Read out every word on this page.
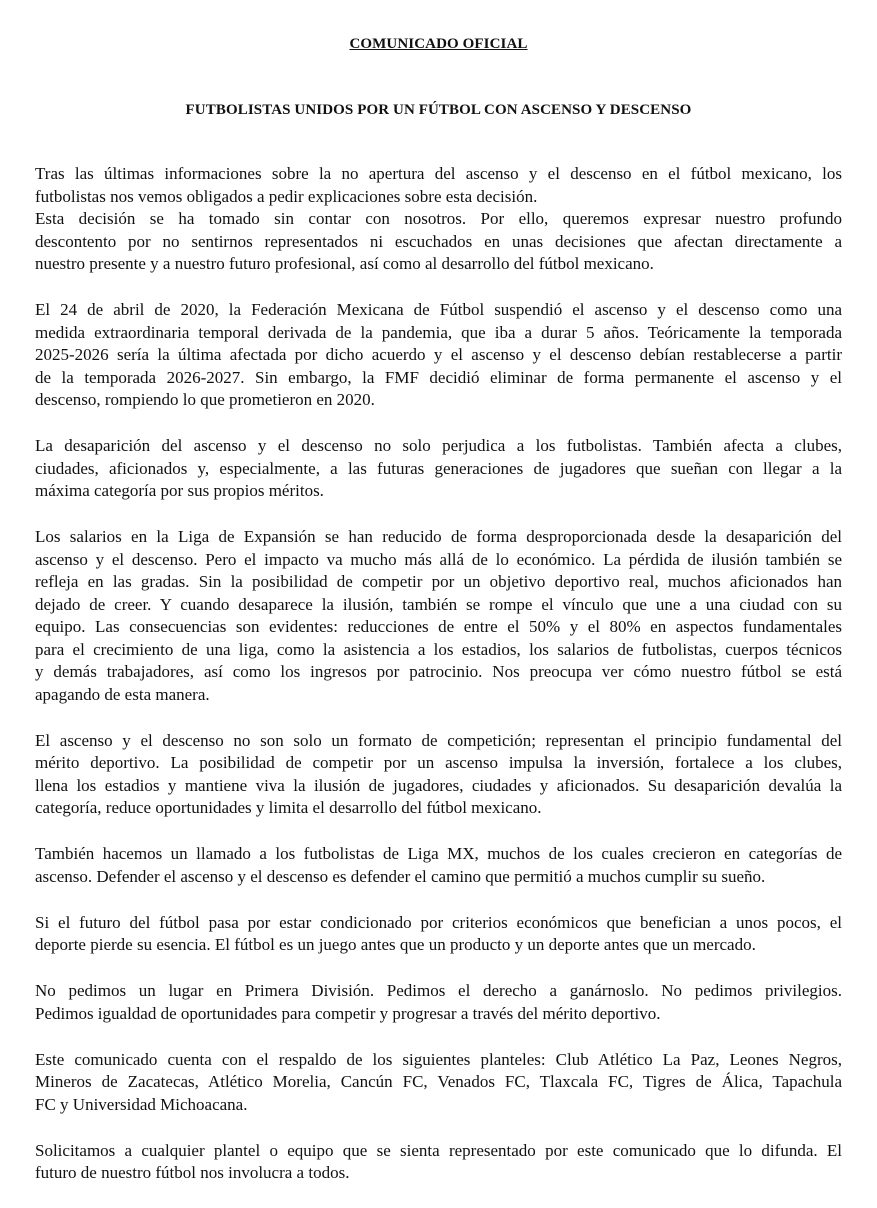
COMUNICADO OFICIAL
FUTBOLISTAS UNIDOS POR UN FÚTBOL CON ASCENSO Y DESCENSO
Tras las últimas informaciones sobre la no apertura del ascenso y el descenso en el fútbol mexicano, los
futbolistas nos vemos obligados a pedir explicaciones sobre esta decisión.
Esta decisión se ha tomado sin contar con nosotros. Por ello, queremos expresar nuestro profundo
descontento por no sentirnos representados ni escuchados en unas decisiones que afectan directamente a
nuestro presente y a nuestro futuro profesional, así como al desarrollo del fútbol mexicano.
El 24 de abril de 2020, la Federación Mexicana de Fútbol suspendió el ascenso y el descenso como una
medida extraordinaria temporal derivada de la pandemia, que iba a durar 5 años. Teóricamente la temporada
2025-2026 sería la última afectada por dicho acuerdo y el ascenso y el descenso debían restablecerse a partir
de la temporada 2026-2027. Sin embargo, la FMF decidió eliminar de forma permanente el ascenso y el
descenso, rompiendo lo que prometieron en 2020.
La desaparición del ascenso y el descenso no solo perjudica a los futbolistas. También afecta a clubes,
ciudades, aficionados y, especialmente, a las futuras generaciones de jugadores que sueñan con llegar a la
máxima categoría por sus propios méritos.
Los salarios en la Liga de Expansión se han reducido de forma desproporcionada desde la desaparición del
ascenso y el descenso. Pero el impacto va mucho más allá de lo económico. La pérdida de ilusión también se
refleja en las gradas. Sin la posibilidad de competir por un objetivo deportivo real, muchos aficionados han
dejado de creer. Y cuando desaparece la ilusión, también se rompe el vínculo que une a una ciudad con su
equipo. Las consecuencias son evidentes: reducciones de entre el 50% y el 80% en aspectos fundamentales
para el crecimiento de una liga, como la asistencia a los estadios, los salarios de futbolistas, cuerpos técnicos
y demás trabajadores, así como los ingresos por patrocinio. Nos preocupa ver cómo nuestro fútbol se está
apagando de esta manera.
El ascenso y el descenso no son solo un formato de competición; representan el principio fundamental del
mérito deportivo. La posibilidad de competir por un ascenso impulsa la inversión, fortalece a los clubes,
llena los estadios y mantiene viva la ilusión de jugadores, ciudades y aficionados. Su desaparición devalúa la
categoría, reduce oportunidades y limita el desarrollo del fútbol mexicano.
También hacemos un llamado a los futbolistas de Liga MX, muchos de los cuales crecieron en categorías de
ascenso. Defender el ascenso y el descenso es defender el camino que permitió a muchos cumplir su sueño.
Si el futuro del fútbol pasa por estar condicionado por criterios económicos que benefician a unos pocos, el
deporte pierde su esencia. El fútbol es un juego antes que un producto y un deporte antes que un mercado.
No pedimos un lugar en Primera División. Pedimos el derecho a ganárnoslo. No pedimos privilegios.
Pedimos igualdad de oportunidades para competir y progresar a través del mérito deportivo.
Este comunicado cuenta con el respaldo de los siguientes planteles: Club Atlético La Paz, Leones Negros,
Mineros de Zacatecas, Atlético Morelia, Cancún FC, Venados FC, Tlaxcala FC, Tigres de Álica, Tapachula
FC y Universidad Michoacana.
Solicitamos a cualquier plantel o equipo que se sienta representado por este comunicado que lo difunda. El
futuro de nuestro fútbol nos involucra a todos.
